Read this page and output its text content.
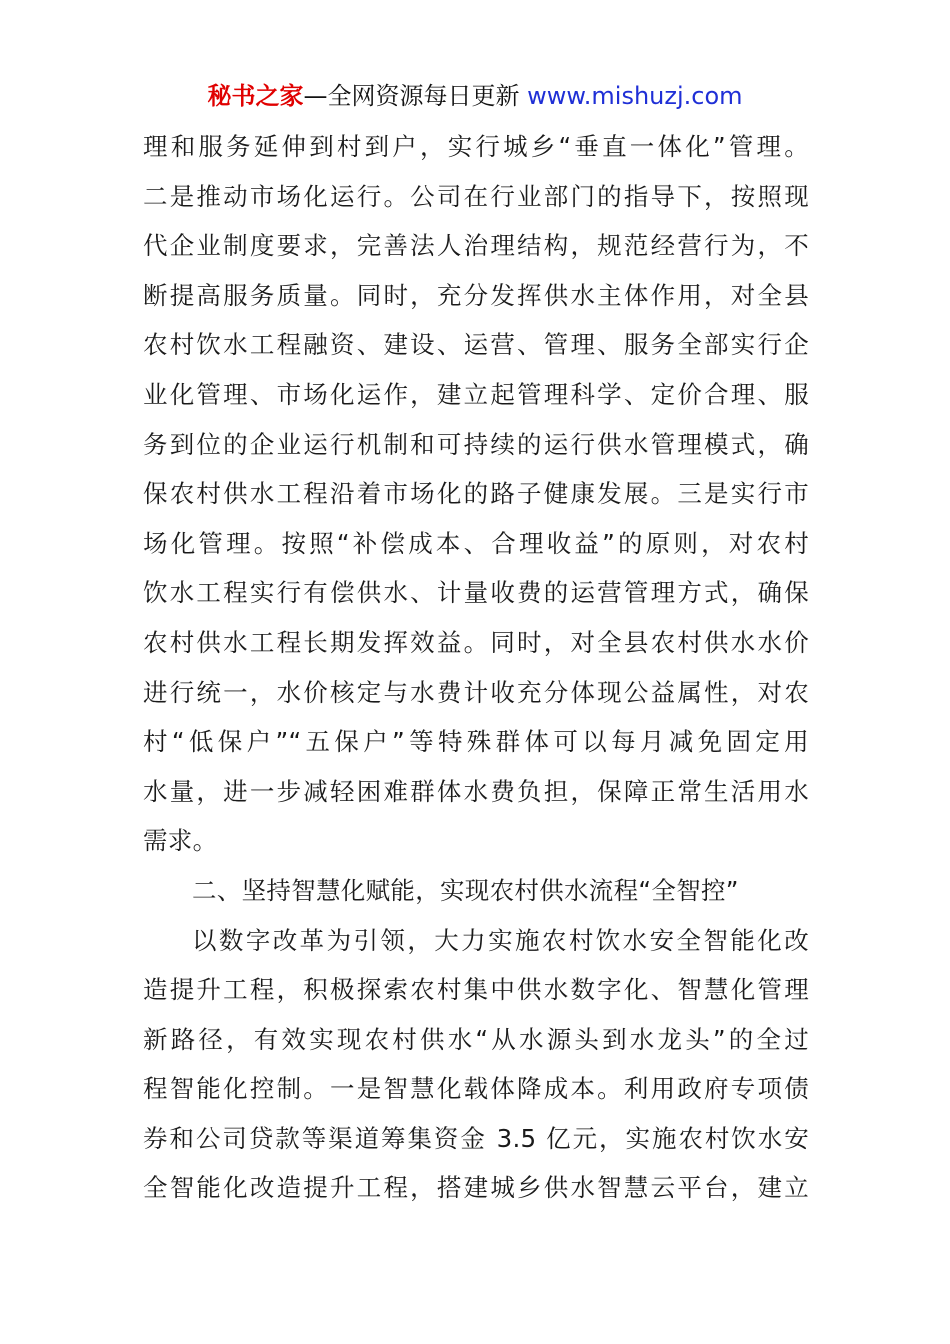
秘书之家—全网资源每日更新 www.mishuzj.com
理和服务延伸到村到户，实行城乡“垂直一体化”管理。
二是推动市场化运行。公司在行业部门的指导下，按照现
代企业制度要求，完善法人治理结构，规范经营行为，不
断提高服务质量。同时，充分发挥供水主体作用，对全县
农村饮水工程融资、建设、运营、管理、服务全部实行企
业化管理、市场化运作，建立起管理科学、定价合理、服
务到位的企业运行机制和可持续的运行供水管理模式，确
保农村供水工程沿着市场化的路子健康发展。三是实行市
场化管理。按照“补偿成本、合理收益”的原则，对农村
饮水工程实行有偿供水、计量收费的运营管理方式，确保
农村供水工程长期发挥效益。同时，对全县农村供水水价
进行统一，水价核定与水费计收充分体现公益属性，对农
村“低保户”“五保户”等特殊群体可以每月减免固定用
水量，进一步减轻困难群体水费负担，保障正常生活用水
需求。
二、坚持智慧化赋能，实现农村供水流程“全智控”
以数字改革为引领，大力实施农村饮水安全智能化改
造提升工程，积极探索农村集中供水数字化、智慧化管理
新路径，有效实现农村供水“从水源头到水龙头”的全过
程智能化控制。一是智慧化载体降成本。利用政府专项债
券和公司贷款等渠道筹集资金 3.5 亿元，实施农村饮水安
全智能化改造提升工程，搭建城乡供水智慧云平台，建立
